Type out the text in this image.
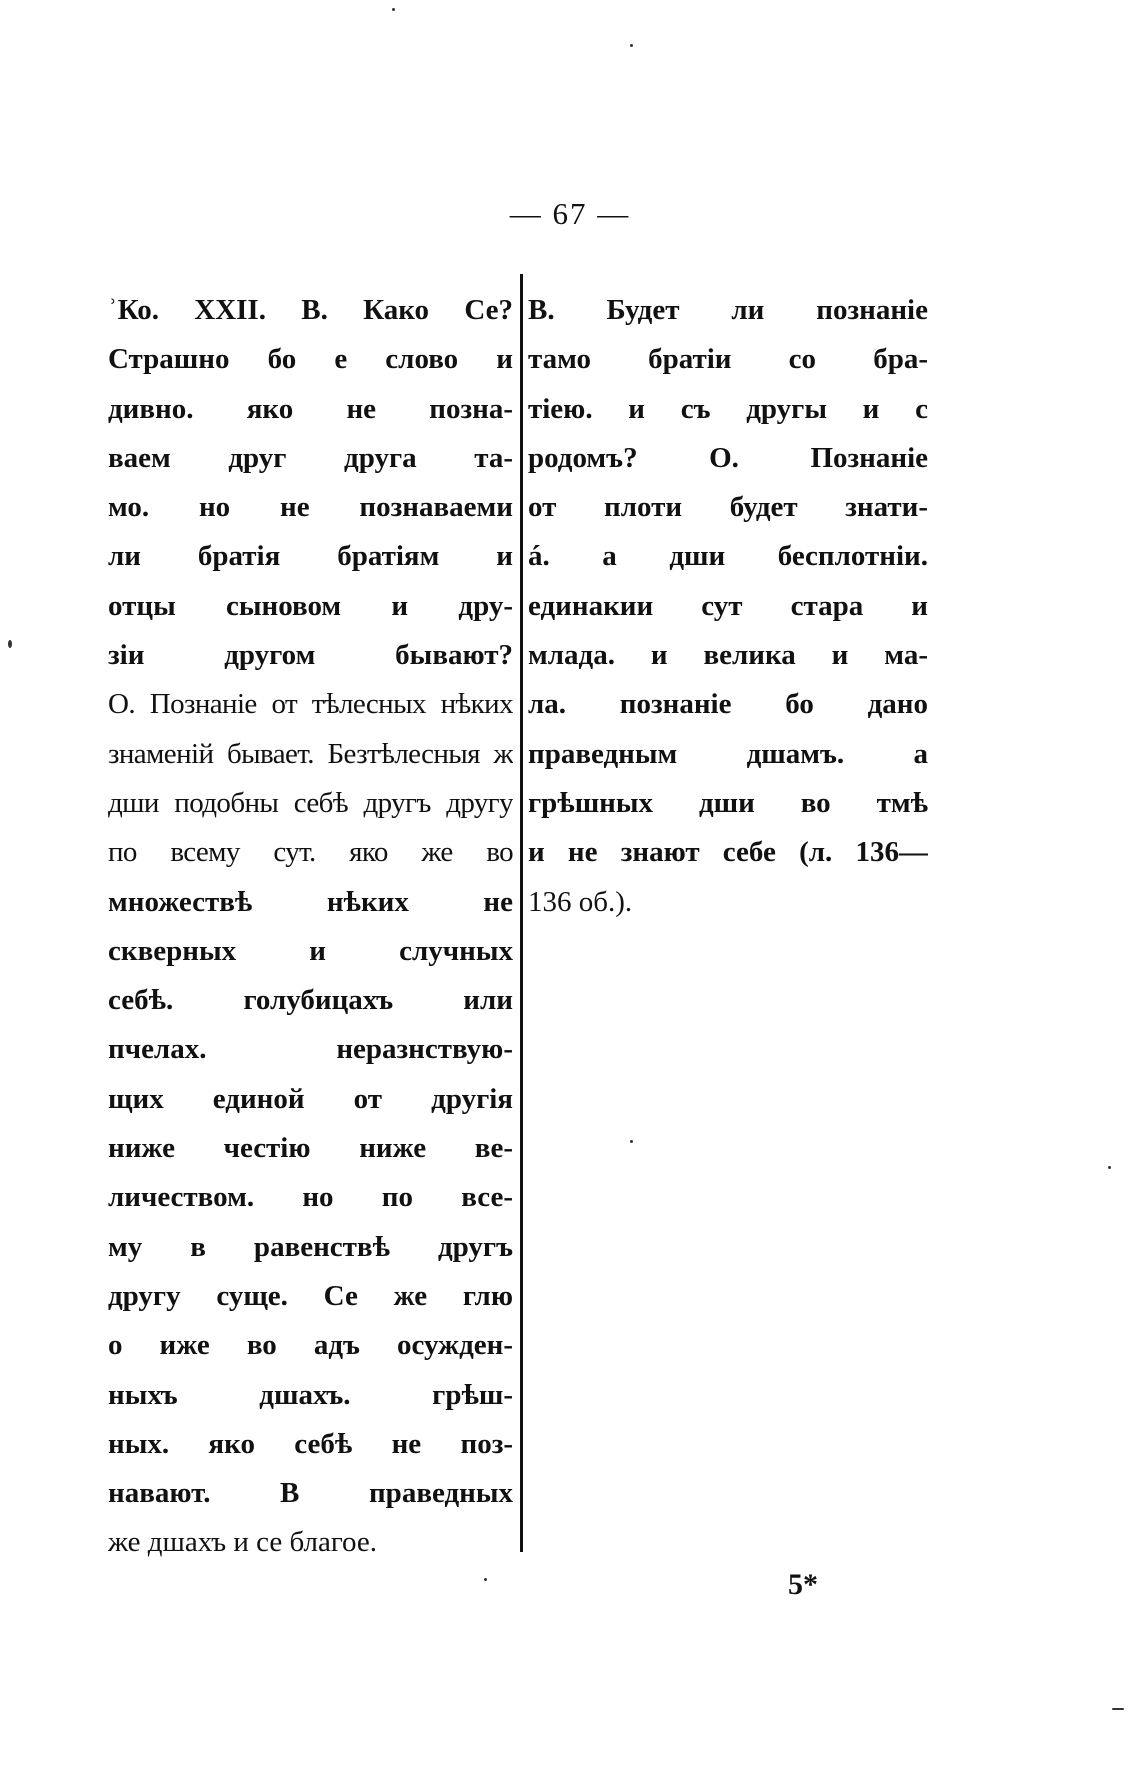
— 67 —
ʾКо. XXII. В. Како Се?
Страшно бо е слово и
дивно. яко не позна-
ваем друг друга та-
мо. но не познаваеми
ли братія братіям и
отцы сыновом и дру-
зіи другом бывают?
О. Познаніе от тѣлесных нѣких
знаменій бывает. Безтѣлесныя ж
дши подобны себѣ другъ другу
по всему сут. яко же во
множествѣ нѣких не
скверных и случных
себѣ. голубицахъ или
пчелах. неразнствую-
щих единой от другія
ниже честію ниже ве-
личеством. но по все-
му в равенствѣ другъ
другу суще. Се же глю
о иже во адъ осужден-
ныхъ дшахъ. грѣш-
ных. яко себѣ не поз-
навают. В праведных
же дшахъ и се благое.
В. Будет ли познаніе
тамо братіи со бра-
тіею. и съ другы и с
родомъ? О. Познаніе
от плоти будет знати-
á. а дши бесплотніи.
единакии сут стара и
млада. и велика и ма-
ла. познаніе бо дано
праведным дшамъ. а
грѣшных дши во тмѣ
и не знают себе (л. 136—
136 об.).
5*
